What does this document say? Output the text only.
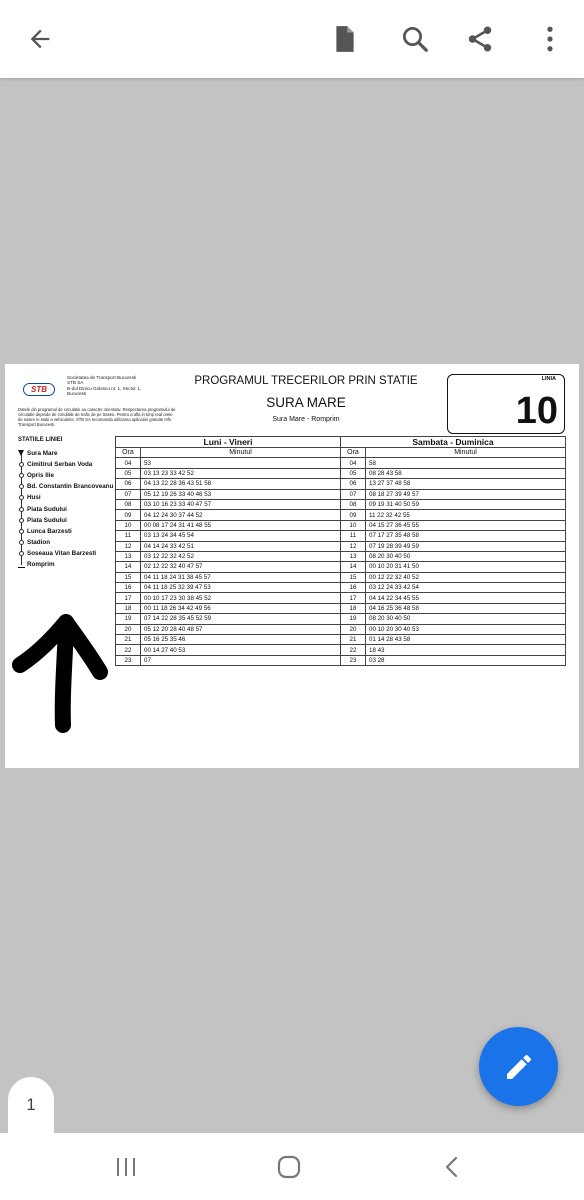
STB
Societatea de Transport Bucuresti
STB SA
B-dul Dinicu Golescu nr. 1, Sector 1,
Bucuresti
Datele din programul de circulatie au caracter orientativ. Respectarea programului de circulatie depinde de conditiile de trafic de pe traseu. Pentru a afla in timp real orele de sosire in statii a vehiculelor, STB SA recomanda utilizarea aplicatiei gratuite Info Transport Bucuresti
PROGRAMUL TRECERILOR PRIN STATIE
SURA MARE
Sura Mare - Romprim
LINIA
10
STATIILE LINIEI
Sura Mare
Cimitirul Serban Voda
Opris Ilie
Bd. Constantin Brancoveanu
Husi
Piata Sudului
Piata Sudului
Lunca Barzesti
Stadion
Soseaua Vitan Barzesti
Romprim
Luni - Vineri		Sambata - Duminica	
Ora	Minutul	Ora	Minutul
04	53	04	58
05	03 13 23 33 42 52	05	08 28 43 58
06	04 13 22 28 36 43 51 58	06	13 27 37 48 58
07	05 12 19 26 33 40 46 53	07	08 18 27 39 49 57
08	03 10 16 23 33 40 47 57	08	09 19 31 40 50 59
09	04 12 24 30 37 44 52	09	11 22 32 42 55
10	00 08 17 24 31 41 48 55	10	04 15 27 36 45 55
11	03 13 24 34 45 54	11	07 17 27 35 48 58
12	04 14 24 33 42 51	12	07 19 28 39 49 59
13	03 12 22 32 42 52	13	08 20 30 40 50
14	02 12 22 32 40 47 57	14	00 10 20 31 41 50
15	04 11 18 24 31 38 45 57	15	00 12 22 32 40 52
16	04 11 18 25 32 39 47 53	16	03 12 24 33 42 54
17	00 10 17 23 30 38 45 52	17	04 14 22 34 45 55
18	00 11 18 26 34 42 49 56	18	04 16 25 36 48 58
19	07 14 22 28 35 45 52 59	19	08 20 30 40 50
20	05 12 20 28 40 48 57	20	00 10 20 30 40 53
21	05 16 25 35 46	21	01 14 28 43 58
22	00 14 27 40 53	22	18 43
23	07	23	03 28
1
